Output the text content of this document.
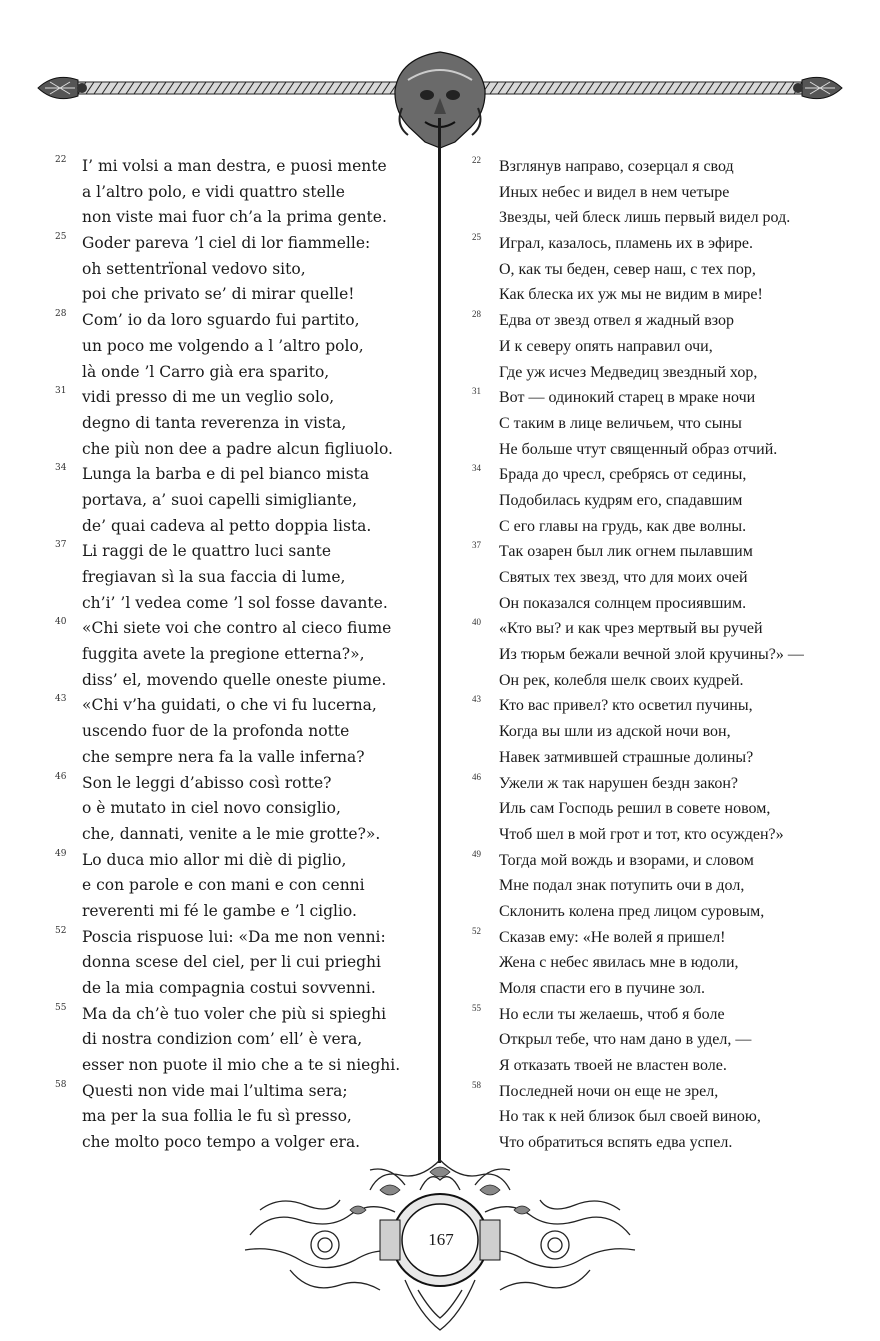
22 I’ mi volsi a man destra, e puosi mente
a l’altro polo, e vidi quattro stelle
non viste mai fuor ch’a la prima gente.
25 Goder pareva ’l ciel di lor fiammelle:
oh settentrïonal vedovo sito,
poi che privato se’ di mirar quelle!
28 Com’ io da loro sguardo fui partito,
un poco me volgendo a l ’altro polo,
là onde ’l Carro già era sparito,
31 vidi presso di me un veglio solo,
degno di tanta reverenza in vista,
che più non dee a padre alcun figliuolo.
34 Lunga la barba e di pel bianco mista
portava, a’ suoi capelli simigliante,
de’ quai cadeva al petto doppia lista.
37 Li raggi de le quattro luci sante
fregiavan sì la sua faccia di lume,
ch’i’ ’l vedea come ’l sol fosse davante.
40 «Chi siete voi che contro al cieco fiume
fuggita avete la pregione etterna?»,
diss’ el, movendo quelle oneste piume.
43 «Chi v’ha guidati, o che vi fu lucerna,
uscendo fuor de la profonda notte
che sempre nera fa la valle inferna?
46 Son le leggi d’abisso così rotte?
o è mutato in ciel novo consiglio,
che, dannati, venite a le mie grotte?».
49 Lo duca mio allor mi diè di piglio,
e con parole e con mani e con cenni
reverenti mi fé le gambe e ’l ciglio.
52 Poscia rispuose lui: «Da me non venni:
donna scese del ciel, per li cui prieghi
de la mia compagnia costui sovvenni.
55 Ma da ch’è tuo voler che più si spieghi
di nostra condizion com’ ell’ è vera,
esser non puote il mio che a te si nieghi.
58 Questi non vide mai l’ultima sera;
ma per la sua follia le fu sì presso,
che molto poco tempo a volger era.
22 Взглянув направо, созерцал я свод
Иных небес и видел в нем четыре
Звезды, чей блеск лишь первый видел род.
25 Играл, казалось, пламень их в эфире.
О, как ты беден, север наш, с тех пор,
Как блеска их уж мы не видим в мире!
28 Едва от звезд отвел я жадный взор
И к северу опять направил очи,
Где уж исчез Медведиц звездный хор,
31 Вот — одинокий старец в мраке ночи
С таким в лице величьем, что сыны
Не больше чтут священный образ отчий.
34 Брада до чресл, сребрясь от седины,
Подобилась кудрям его, спадавшим
С его главы на грудь, как две волны.
37 Так озарен был лик огнем пылавшим
Святых тех звезд, что для моих очей
Он показался солнцем просиявшим.
40 «Кто вы? и как чрез мертвый вы ручей
Из тюрьм бежали вечной злой кручины?» —
Он рек, колебля шелк своих кудрей.
43 Кто вас привел? кто осветил пучины,
Когда вы шли из адской ночи вон,
Навек затмившей страшные долины?
46 Ужели ж так нарушен бездн закон?
Иль сам Господь решил в совете новом,
Чтоб шел в мой грот и тот, кто осужден?»
49 Тогда мой вождь и взорами, и словом
Мне подал знак потупить очи в дол,
Склонить колена пред лицом суровым,
52 Сказав ему: «Не волей я пришел!
Жена с небес явилась мне в юдоли,
Моля спасти его в пучине зол.
55 Но если ты желаешь, чтоб я боле
Открыл тебе, что нам дано в удел, —
Я отказать твоей не властен воле.
58 Последней ночи он еще не зрел,
Но так к ней близок был своей виною,
Что обратиться вспять едва успел.
167
